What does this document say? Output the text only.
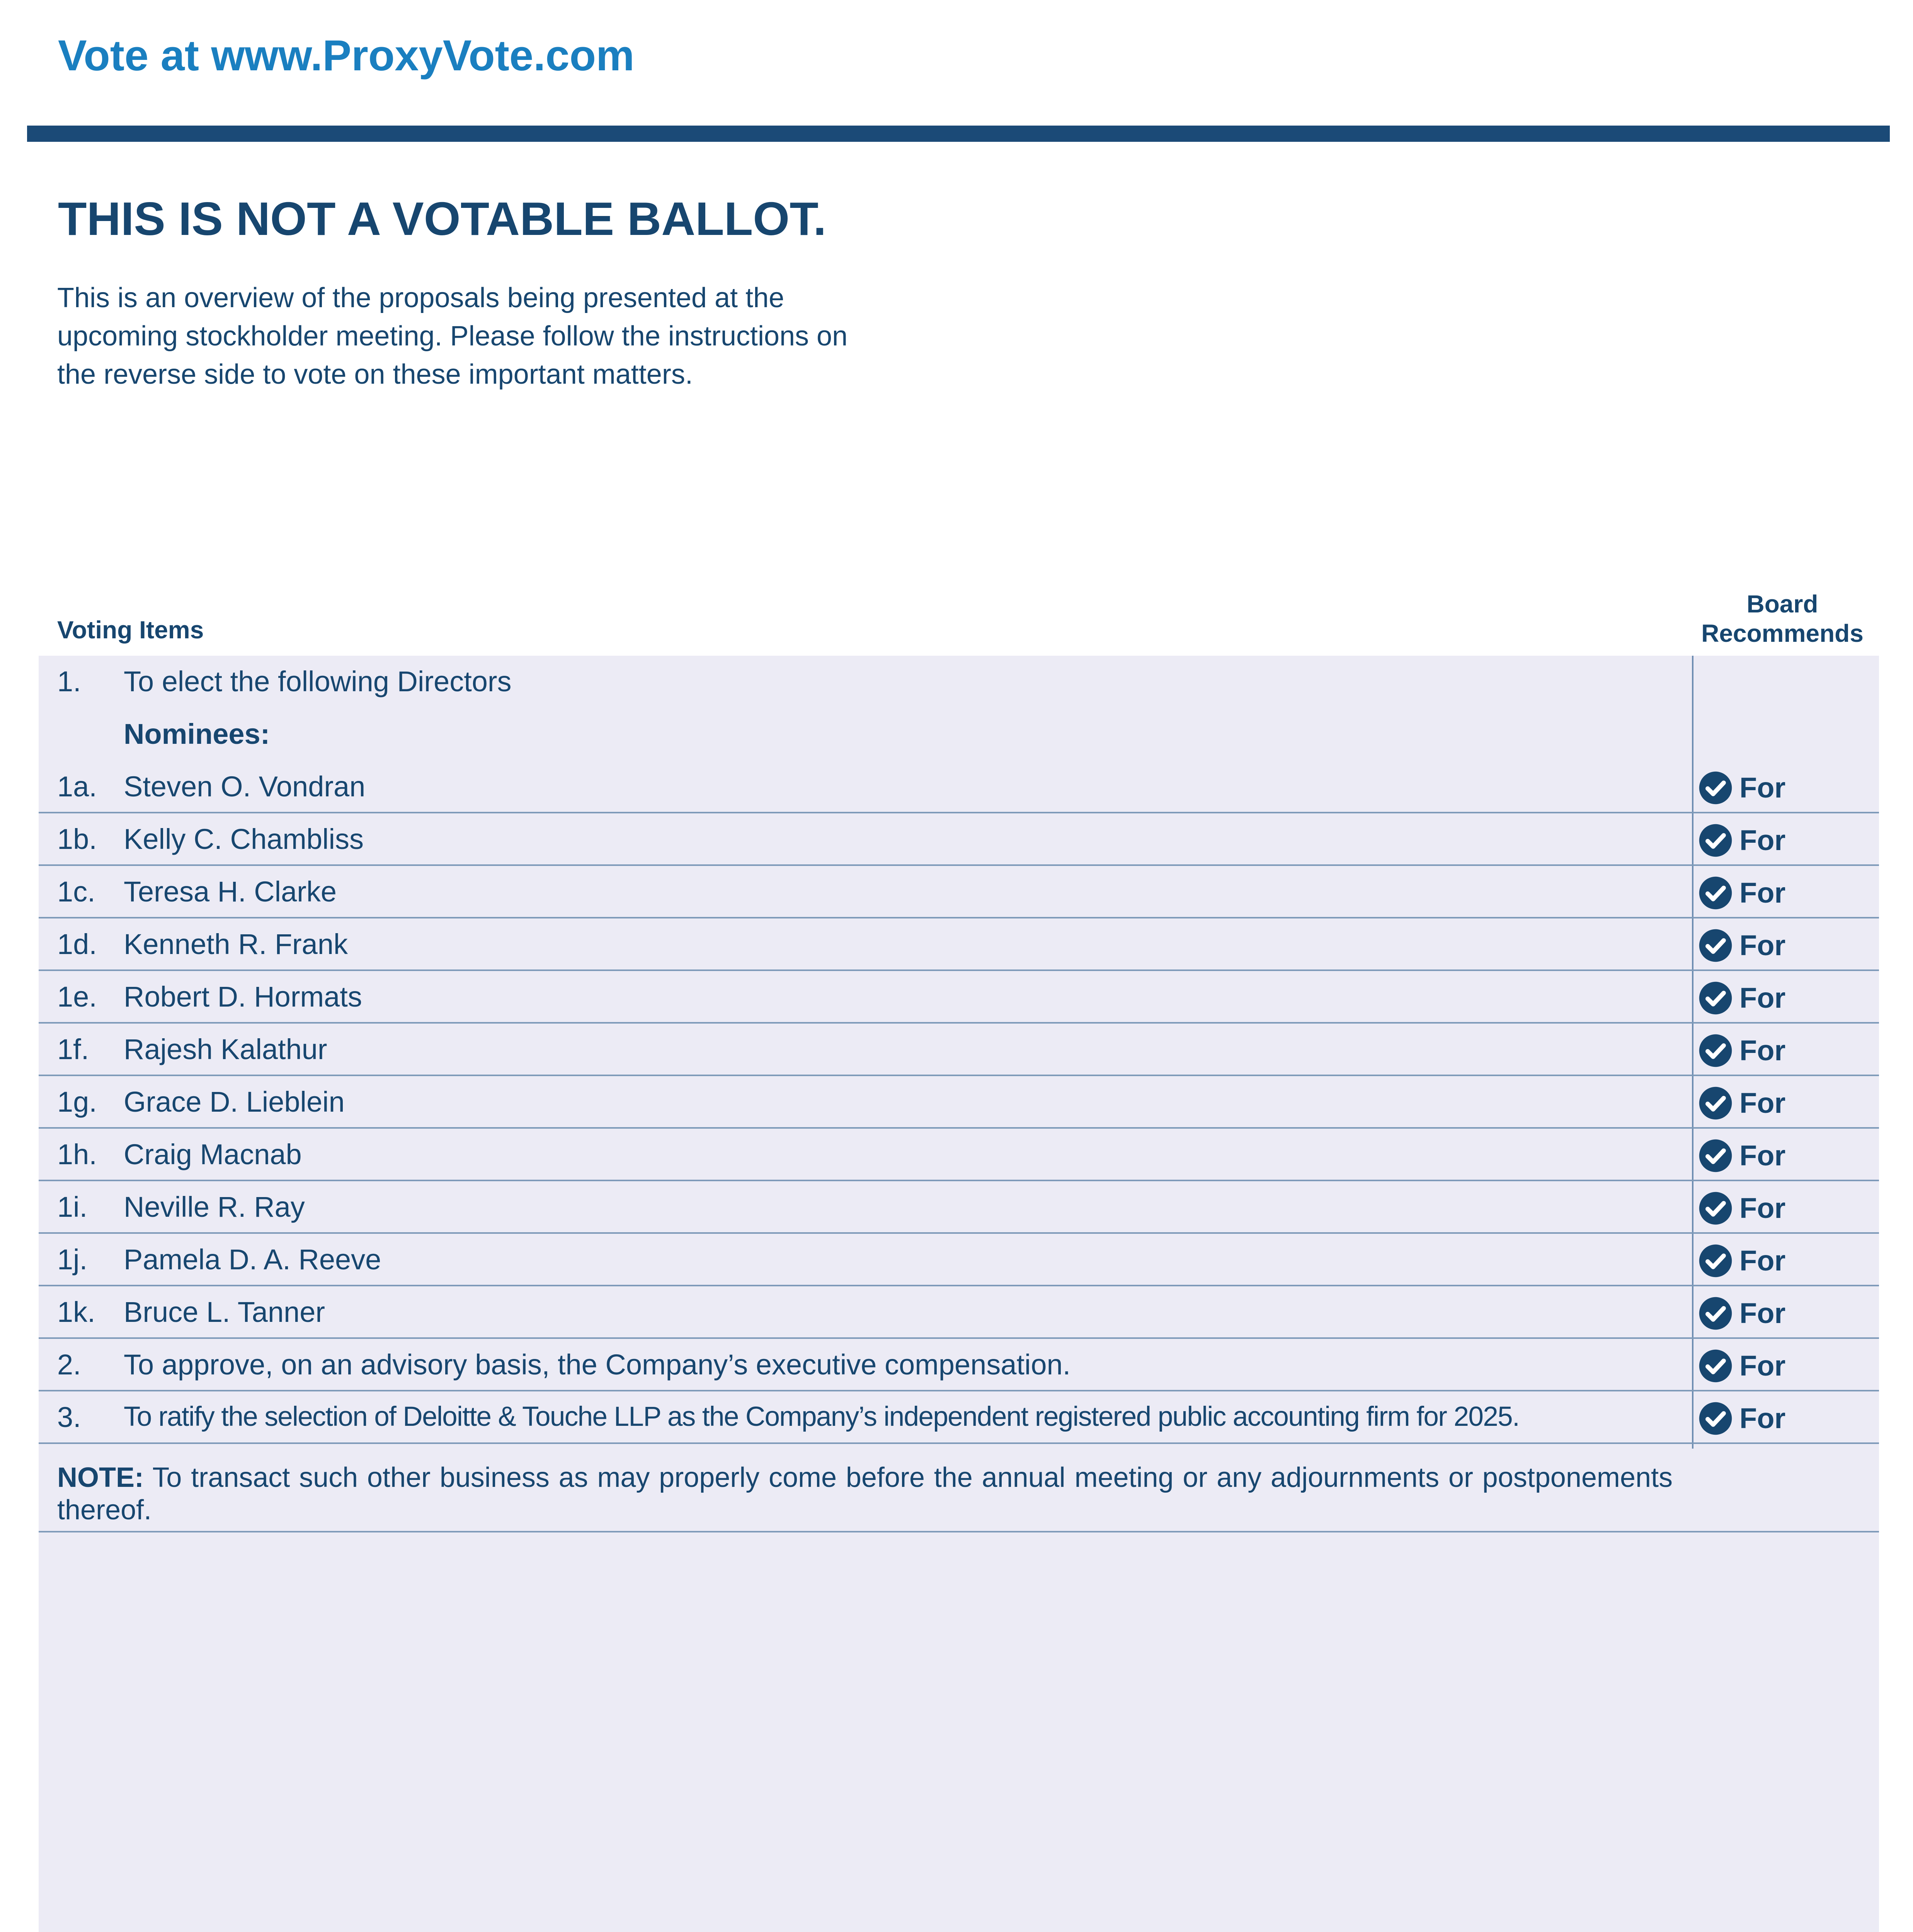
Vote at www.ProxyVote.com
THIS IS NOT A VOTABLE BALLOT.
This is an overview of the proposals being presented at the
upcoming stockholder meeting. Please follow the instructions on
the reverse side to vote on these important matters.
Voting Items
Board
Recommends
1. To elect the following Directors
Nominees:
1a. Steven O. Vondran	For
1b. Kelly C. Chambliss	For
1c. Teresa H. Clarke	For
1d. Kenneth R. Frank	For
1e. Robert D. Hormats	For
1f. Rajesh Kalathur	For
1g. Grace D. Lieblein	For
1h. Craig Macnab	For
1i. Neville R. Ray	For
1j. Pamela D. A. Reeve	For
1k. Bruce L. Tanner	For
2. To approve, on an advisory basis, the Company’s executive compensation.	For
3. To ratify the selection of Deloitte & Touche LLP as the Company’s independent registered public accounting firm for 2025.	For
NOTE: To transact such other business as may properly come before the annual meeting or any adjournments or postponements thereof.
